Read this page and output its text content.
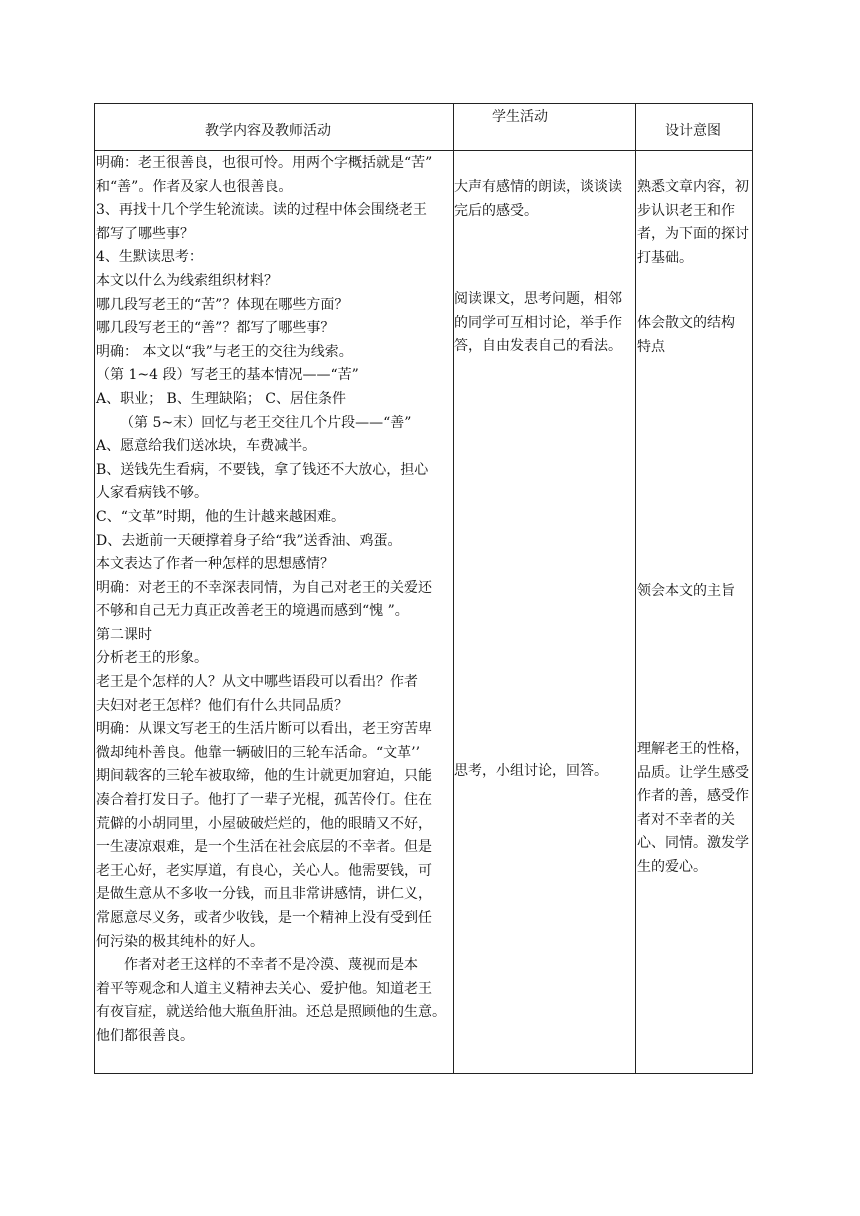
教学内容及教师活动
学生活动
设计意图
明确：老王很善良，也很可怜。用两个字概括就是“苦”
和“善”。作者及家人也很善良。
3、再找十几个学生轮流读。读的过程中体会围绕老王
都写了哪些事？
4、生默读思考：
本文以什么为线索组织材料？
哪几段写老王的“苦”？体现在哪些方面？
哪几段写老王的“善”？都写了哪些事？
明确： 本文以“我”与老王的交往为线索。
（第 1~4 段）写老王的基本情况——“苦”
A、职业； B、生理缺陷； C、居住条件
（第 5~末）回忆与老王交往几个片段——“善”
A、愿意给我们送冰块，车费减半。
B、送钱先生看病，不要钱，拿了钱还不大放心，担心
人家看病钱不够。
C、“文革”时期，他的生计越来越困难。
D、去逝前一天硬撑着身子给“我”送香油、鸡蛋。
本文表达了作者一种怎样的思想感情？
明确：对老王的不幸深表同情，为自己对老王的关爱还
不够和自己无力真正改善老王的境遇而感到“愧 ”。
第二课时
分析老王的形象。
老王是个怎样的人？从文中哪些语段可以看出？作者
夫妇对老王怎样？他们有什么共同品质？
明确：从课文写老王的生活片断可以看出，老王穷苦卑
微却纯朴善良。他靠一辆破旧的三轮车活命。“文革’’
期间载客的三轮车被取缔，他的生计就更加窘迫，只能
凑合着打发日子。他打了一辈子光棍，孤苦伶仃。住在
荒僻的小胡同里，小屋破破烂烂的，他的眼睛又不好，
一生凄凉艰难，是一个生活在社会底层的不幸者。但是
老王心好，老实厚道，有良心，关心人。他需要钱，可
是做生意从不多收一分钱，而且非常讲感情，讲仁义，
常愿意尽义务，或者少收钱，是一个精神上没有受到任
何污染的极其纯朴的好人。
作者对老王这样的不幸者不是冷漠、蔑视而是本
着平等观念和人道主义精神去关心、爱护他。知道老王
有夜盲症，就送给他大瓶鱼肝油。还总是照顾他的生意。
他们都很善良。
大声有感情的朗读，谈谈读
完后的感受。
阅读课文，思考问题，相邻
的同学可互相讨论，举手作
答，自由发表自己的看法。
思考，小组讨论，回答。
熟悉文章内容，初
步认识老王和作
者，为下面的探讨
打基础。
体会散文的结构
特点
领会本文的主旨
理解老王的性格，
品质。让学生感受
作者的善，感受作
者对不幸者的关
心、同情。激发学
生的爱心。
